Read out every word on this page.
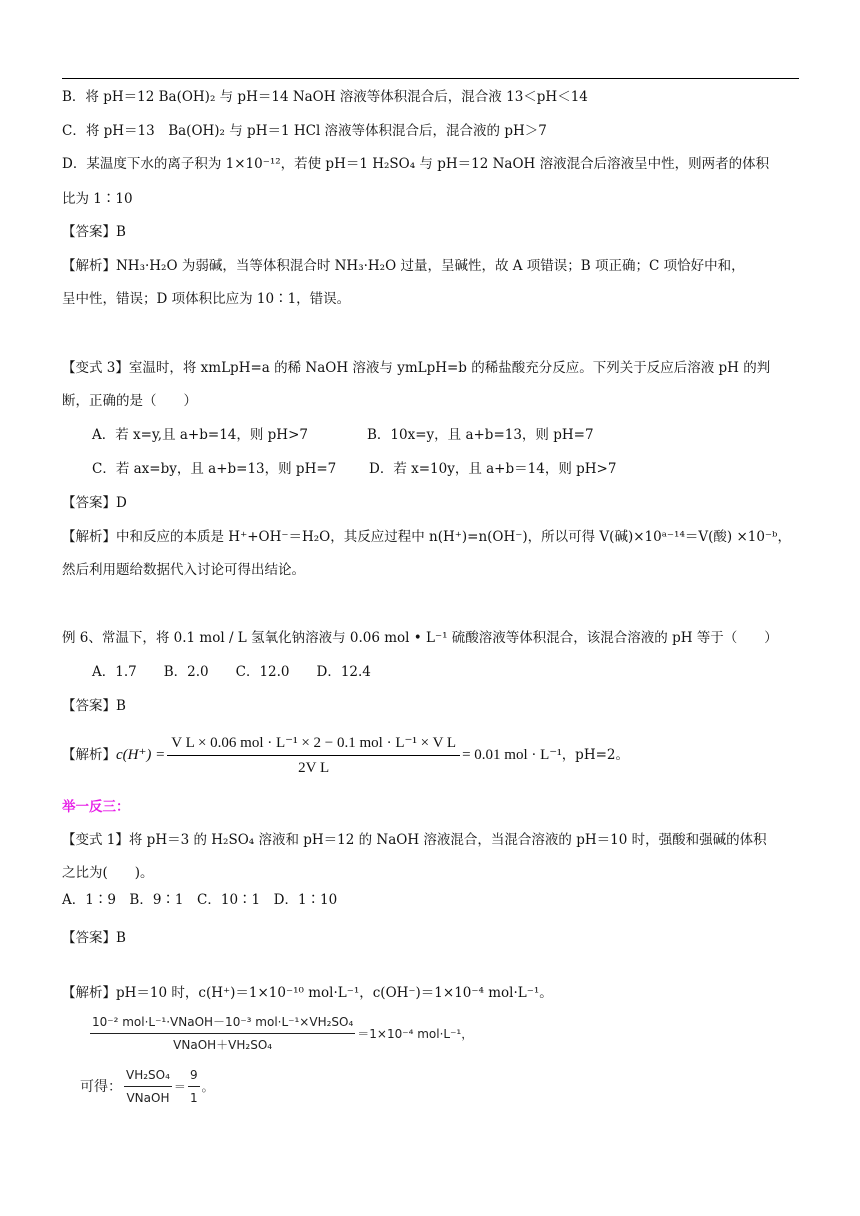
B．将 pH＝12 Ba(OH)₂ 与 pH＝14 NaOH 溶液等体积混合后，混合液 13＜pH＜14
C．将 pH＝13　Ba(OH)₂ 与 pH＝1 HCl 溶液等体积混合后，混合液的 pH＞7
D．某温度下水的离子积为 1×10⁻¹²，若使 pH＝1 H₂SO₄ 与 pH＝12 NaOH 溶液混合后溶液呈中性，则两者的体积
比为 1∶10
【答案】B
【解析】NH₃·H₂O 为弱碱，当等体积混合时 NH₃·H₂O 过量，呈碱性，故 A 项错误；B 项正确；C 项恰好中和，
呈中性，错误；D 项体积比应为 10∶1，错误。
【变式 3】室温时，将 xmLpH=a 的稀 NaOH 溶液与 ymLpH=b 的稀盐酸充分反应。下列关于反应后溶液 pH 的判
断，正确的是（　　）
A．若 x=y,且 a+b=14，则 pH>7	B．10x=y，且 a+b=13，则 pH=7
C．若 ax=by，且 a+b=13，则 pH=7 D．若 x=10y，且 a+b＝14，则 pH>7
【答案】D
【解析】中和反应的本质是 H⁺+OH⁻＝H₂O，其反应过程中 n(H⁺)=n(OH⁻)，所以可得 V(碱)×10ᵃ⁻¹⁴＝V(酸) ×10⁻ᵇ，
然后利用题给数据代入讨论可得出结论。
例 6、常温下，将 0.1 mol / L 氢氧化钠溶液与 0.06 mol • L⁻¹ 硫酸溶液等体积混合，该混合溶液的 pH 等于（　　）
A．1.7　　B．2.0　　C．12.0　　D．12.4
【答案】B
【解析】 $c(H^+) = \frac{\text{V L × 0.06 mol · L⁻¹ × 2 − 0.1 mol · L⁻¹ × V L}}{\text{2V L}} = 0.01$ mol · L⁻¹ ，pH=2。
举一反三：
【变式 1】将 pH＝3 的 H₂SO₄ 溶液和 pH＝12 的 NaOH 溶液混合，当混合溶液的 pH＝10 时，强酸和强碱的体积
之比为(　　)。
A．1∶9　B．9∶1　C．10∶1　D．1∶10
【答案】B
【解析】pH＝10 时，c(H⁺)＝1×10⁻¹⁰ mol·L⁻¹，c(OH⁻)＝1×10⁻⁴ mol·L⁻¹。
$\frac{\text{10⁻² mol·L⁻¹·VNaOH－10⁻³ mol·L⁻¹×VH₂SO₄}}{\text{VNaOH＋VH₂SO₄}} =1\times 10^{-4}$ mol·L⁻¹，
可得： $\frac{\text{VH₂SO₄}}{\text{VNaOH}} = \frac{9}{1}$ 。
